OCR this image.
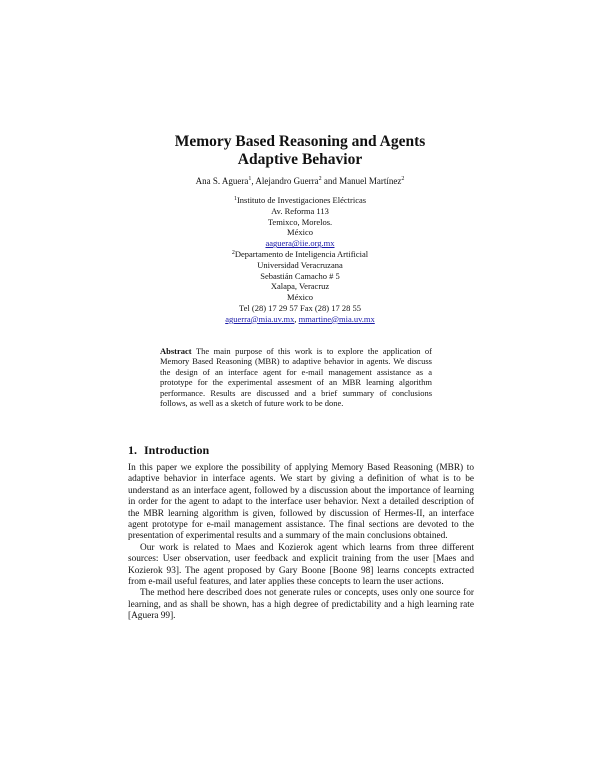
Memory Based Reasoning and Agents
Adaptive Behavior
Ana S. Aguera$^1$, Alejandro Guerra$^2$ and Manuel Martínez$^2$
$^1$Instituto de Investigaciones Eléctricas
Av. Reforma 113
Temixco, Morelos.
México
aaguera@iie.org.mx
$^2$Departamento de Inteligencia Artificial
Universidad Veracruzana
Sebastián Camacho # 5
Xalapa, Veracruz
México
Tel (28) 17 29 57 Fax (28) 17 28 55
aguerra@mia.uv.mx, mmartine@mia.uv.mx
Abstract The main purpose of this work is to explore the application of Memory Based Reasoning (MBR) to adaptive behavior in agents. We discuss the design of an interface agent for e-mail management assistance as a prototype for the experimental assesment of an MBR learning algorithm performance. Results are discussed and a brief summary of conclusions follows, as well as a sketch of future work to be done.
1. Introduction

In this paper we explore the possibility of applying Memory Based Reasoning (MBR) to adaptive behavior in interface agents. We start by giving a definition of what is to be understand as an interface agent, followed by a discussion about the importance of learning in order for the agent to adapt to the interface user behavior. Next a detailed description of the MBR learning algorithm is given, followed by discussion of Hermes-II, an interface agent prototype for e-mail management assistance. The final sections are devoted to the presentation of experimental results and a summary of the main conclusions obtained.

Our work is related to Maes and Kozierok agent which learns from three different sources: User observation, user feedback and explicit training from the user [Maes and Kozierok 93]. The agent proposed by Gary Boone [Boone 98] learns concepts extracted from e-mail useful features, and later applies these concepts to learn the user actions.

The method here described does not generate rules or concepts, uses only one source for learning, and as shall be shown, has a high degree of predictability and a high learning rate [Aguera 99].
